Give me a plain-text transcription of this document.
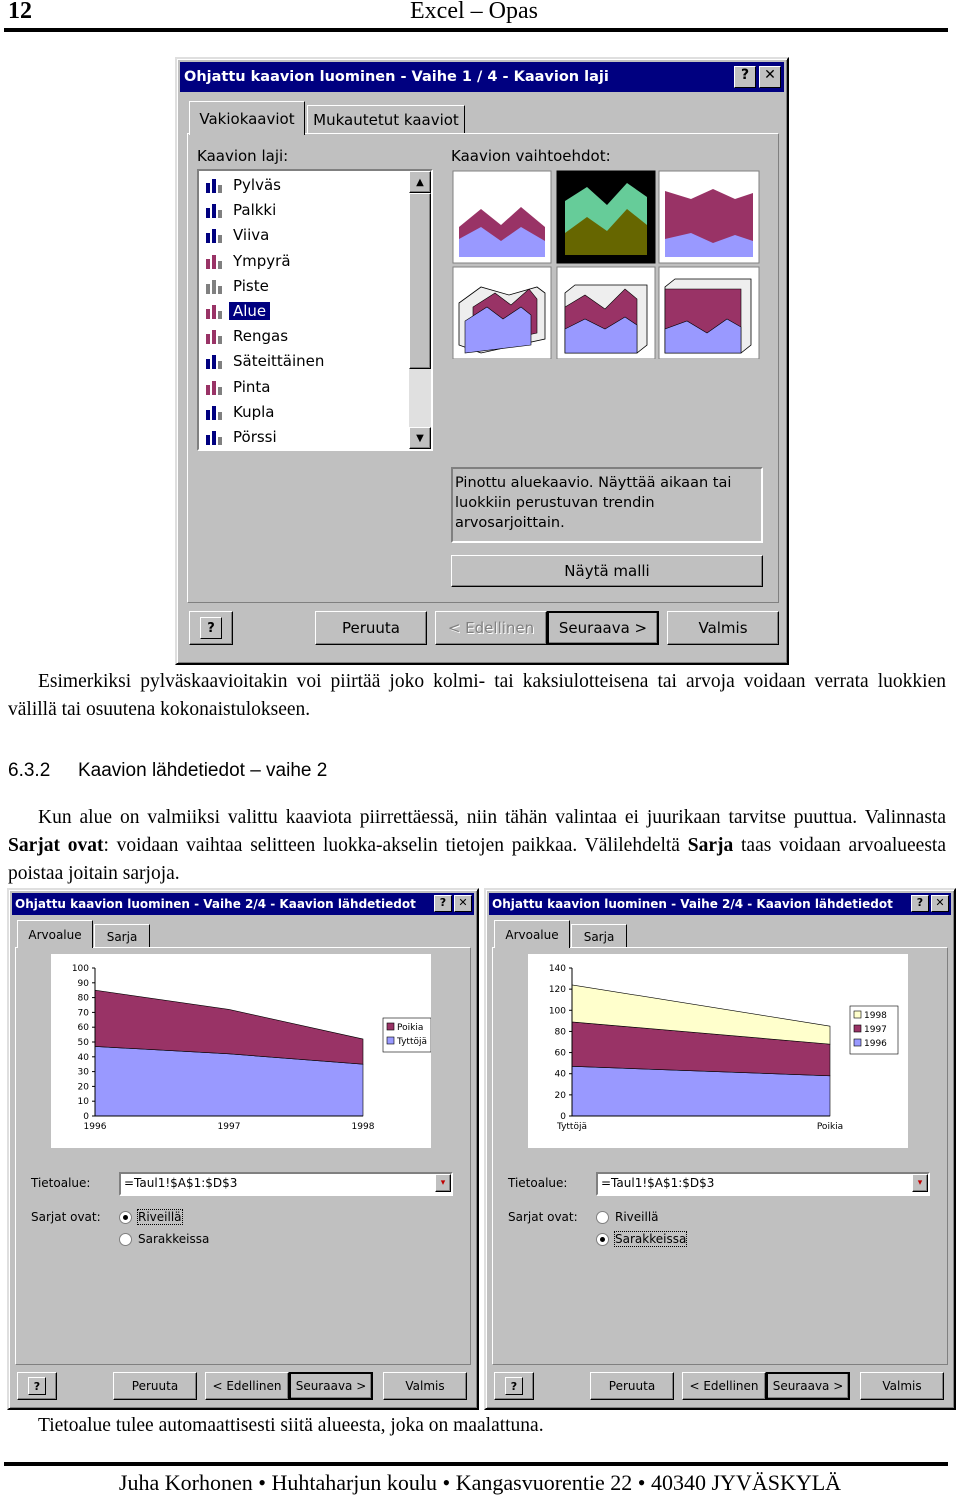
12	Excel – Opas
Ohjattu kaavion luominen - Vaihe 1 / 4 - Kaavion laji	?	✕
Vakiokaaviot Mukautetut kaaviot
Kaavion laji:	Kaavion vaihtoehdot:
Pylväs
Palkki
Viiva
Ympyrä
Piste
Alue
Rengas
Säteittäinen
Pinta
Kupla
Pörssi
▲
▼
Pinottu aluekaavio. Näyttää aikaan tai luokkiin perustuvan trendin arvosarjoittain.
Näytä malli
?	Peruuta	< Edellinen Seuraava >	Valmis
Esimerkiksi pylväskaavioitakin voi piirtää joko kolmi- tai kaksiulotteisena tai arvoja voidaan verrata luokkien välillä tai osuutena kokonaistulokseen.
6.3.2 Kaavion lähdetiedot – vaihe 2
Kun alue on valmiiksi valittu kaaviota piirrettäessä, niin tähän valintaa ei juurikaan tarvitse puuttua. Valinnasta Sarjat ovat: voidaan vaihtaa selitteen luokka-akselin tietojen paikkaa. Välilehdeltä Sarja taas voidaan arvoalueesta poistaa joitain sarjoja.
Ohjattu kaavion luominen - Vaihe 2/4 - Kaavion lähdetiedot	?	✕
Arvoalue Sarja
100
90
80
70
60
50
40
30
20
10
0
1996	1997	1998
Poikia
Tyttöjä
Tietoalue:	=Taul1!$A$1:$D$3	▾
Sarjat ovat:	Riveillä
Sarakkeissa
?	Peruuta	< Edellinen Seuraava >	Valmis
Ohjattu kaavion luominen - Vaihe 2/4 - Kaavion lähdetiedot	?	✕
Arvoalue Sarja
140
120
100
80
60
40
20
0
Tyttöjä	Poikia
1998
1997
1996
Tietoalue:	=Taul1!$A$1:$D$3	▾
Sarjat ovat:	Riveillä
Sarakkeissa
?	Peruuta	< Edellinen Seuraava >	Valmis
Tietoalue tulee automaattisesti siitä alueesta, joka on maalattuna.
Juha Korhonen • Huhtaharjun koulu • Kangasvuorentie 22 • 40340 JYVÄSKYLÄ
